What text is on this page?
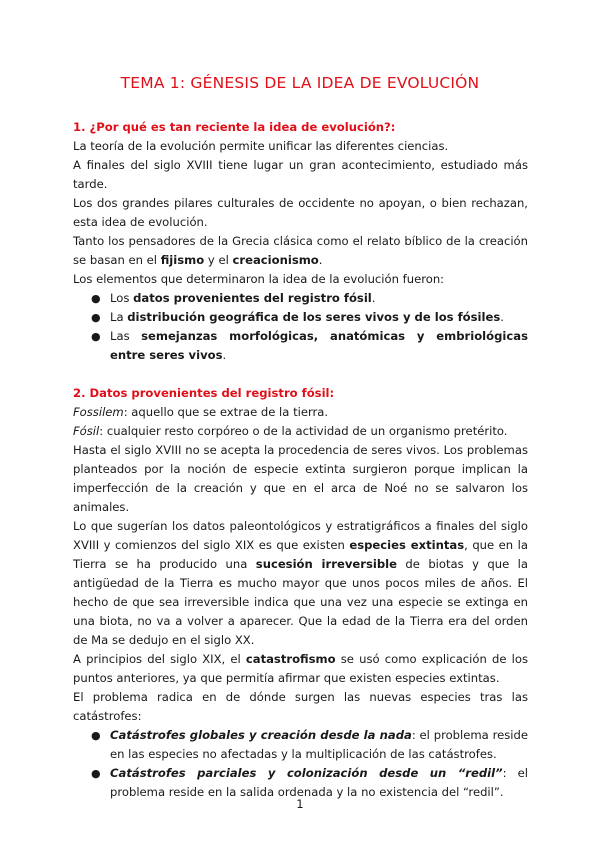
TEMA 1: GÉNESIS DE LA IDEA DE EVOLUCIÓN
1. ¿Por qué es tan reciente la idea de evolución?:

La teoría de la evolución permite unificar las diferentes ciencias.

A finales del siglo XVIII tiene lugar un gran acontecimiento, estudiado más tarde.

Los dos grandes pilares culturales de occidente no apoyan, o bien rechazan, esta idea de evolución.

Tanto los pensadores de la Grecia clásica como el relato bíblico de la creación se basan en el fijismo y el creacionismo.

Los elementos que determinaron la idea de la evolución fueron:

● Los datos provenientes del registro fósil.
● La distribución geográfica de los seres vivos y de los fósiles.
● Las semejanzas morfológicas, anatómicas y embriológicas entre seres vivos.
2. Datos provenientes del registro fósil:

Fossilem: aquello que se extrae de la tierra.

Fósil: cualquier resto corpóreo o de la actividad de un organismo pretérito.

Hasta el siglo XVIII no se acepta la procedencia de seres vivos. Los problemas planteados por la noción de especie extinta surgieron porque implican la imperfección de la creación y que en el arca de Noé no se salvaron los animales.

Lo que sugerían los datos paleontológicos y estratigráficos a finales del siglo XVIII y comienzos del siglo XIX es que existen especies extintas, que en la Tierra se ha producido una sucesión irreversible de biotas y que la antigüedad de la Tierra es mucho mayor que unos pocos miles de años. El hecho de que sea irreversible indica que una vez una especie se extinga en una biota, no va a volver a aparecer. Que la edad de la Tierra era del orden de Ma se dedujo en el siglo XX.

A principios del siglo XIX, el catastrofismo se usó como explicación de los puntos anteriores, ya que permitía afirmar que existen especies extintas.

El problema radica en de dónde surgen las nuevas especies tras las catástrofes:

● Catástrofes globales y creación desde la nada: el problema reside en las especies no afectadas y la multiplicación de las catástrofes.
● Catástrofes parciales y colonización desde un “redil”: el problema reside en la salida ordenada y la no existencia del “redil”.
1
